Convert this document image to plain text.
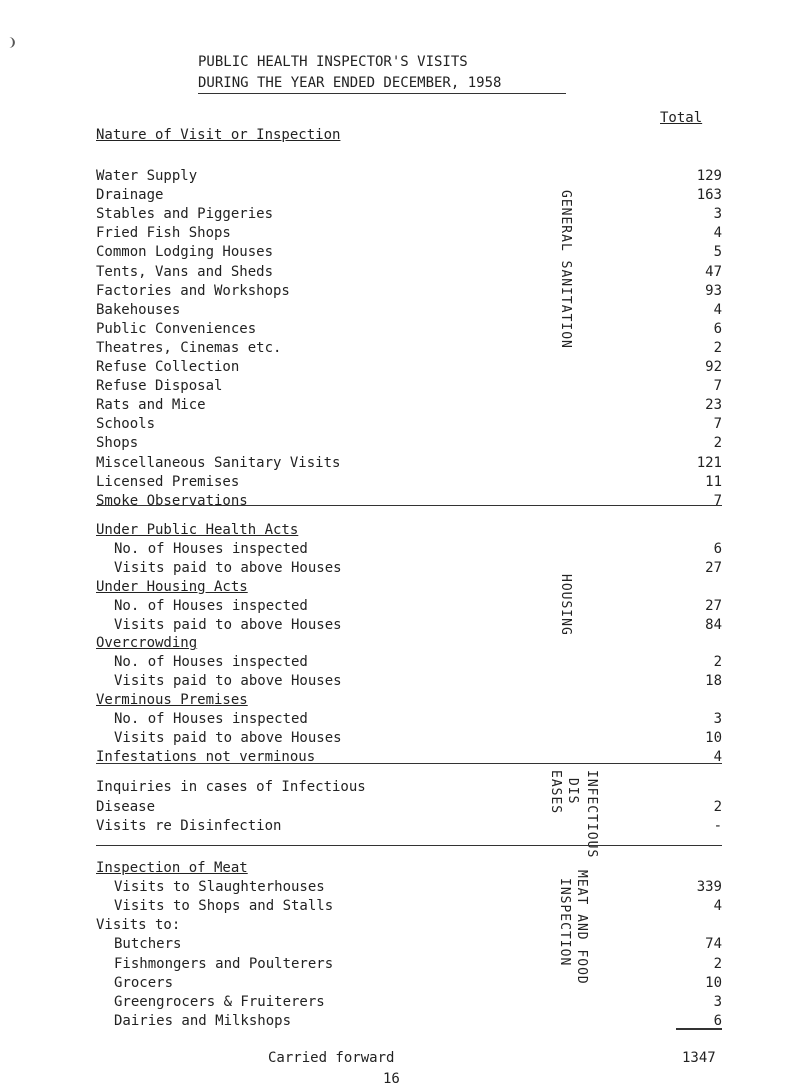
❩
PUBLIC HEALTH INSPECTOR'S VISITS
DURING THE YEAR ENDED DECEMBER, 1958
Total
Nature of Visit or Inspection
Water Supply	129
Drainage	163
Stables and Piggeries	3
Fried Fish Shops	4
Common Lodging Houses	5
Tents, Vans and Sheds	47
Factories and Workshops	93
Bakehouses	4
Public Conveniences	6
Theatres, Cinemas etc.	2
Refuse Collection	92
Refuse Disposal	7
Rats and Mice	23
Schools	7
Shops	2
Miscellaneous Sanitary Visits	121
Licensed Premises	11
Smoke Observations	7
GENERAL SANITATION
Under Public Health Acts
No. of Houses inspected	6
Visits paid to above Houses	27
Under Housing Acts
No. of Houses inspected	27
Visits paid to above Houses	84
Overcrowding
No. of Houses inspected	2
Visits paid to above Houses	18
Verminous Premises
No. of Houses inspected	3
Visits paid to above Houses	10
Infestations not verminous	4
HOUSING
Inquiries in cases of Infectious
Disease	2
Visits re Disinfection	-
INFECTIOUS
DIS
EASES
Inspection of Meat
Visits to Slaughterhouses	339
Visits to Shops and Stalls	4
Visits to:
Butchers	74
Fishmongers and Poulterers	2
Grocers	10
Greengrocers & Fruiterers	3
Dairies and Milkshops	6
MEAT AND FOOD
INSPECTION
Carried forward	1347
16
